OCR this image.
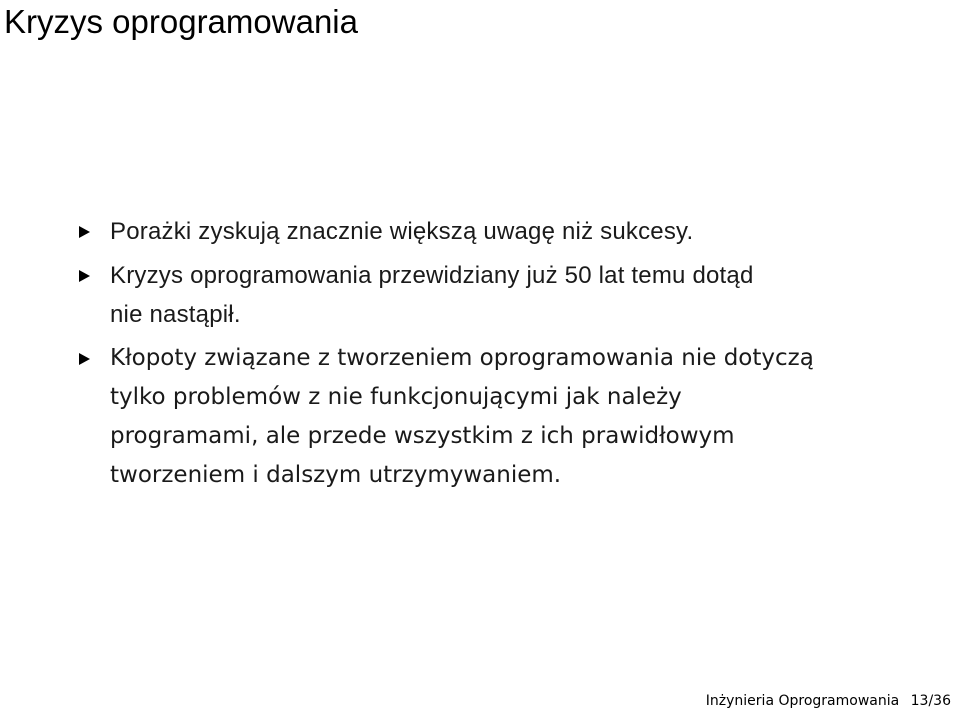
Kryzys oprogramowania
Porażki zyskują znacznie większą uwagę niż sukcesy.
Kryzys oprogramowania przewidziany już 50 lat temu dotąd
nie nastąpił.
Kłopoty związane z tworzeniem oprogramowania nie dotyczą
tylko problemów z nie funkcjonującymi jak należy
programami, ale przede wszystkim z ich prawidłowym
tworzeniem i dalszym utrzymywaniem.
Inżynieria Oprogramowania 13/36
